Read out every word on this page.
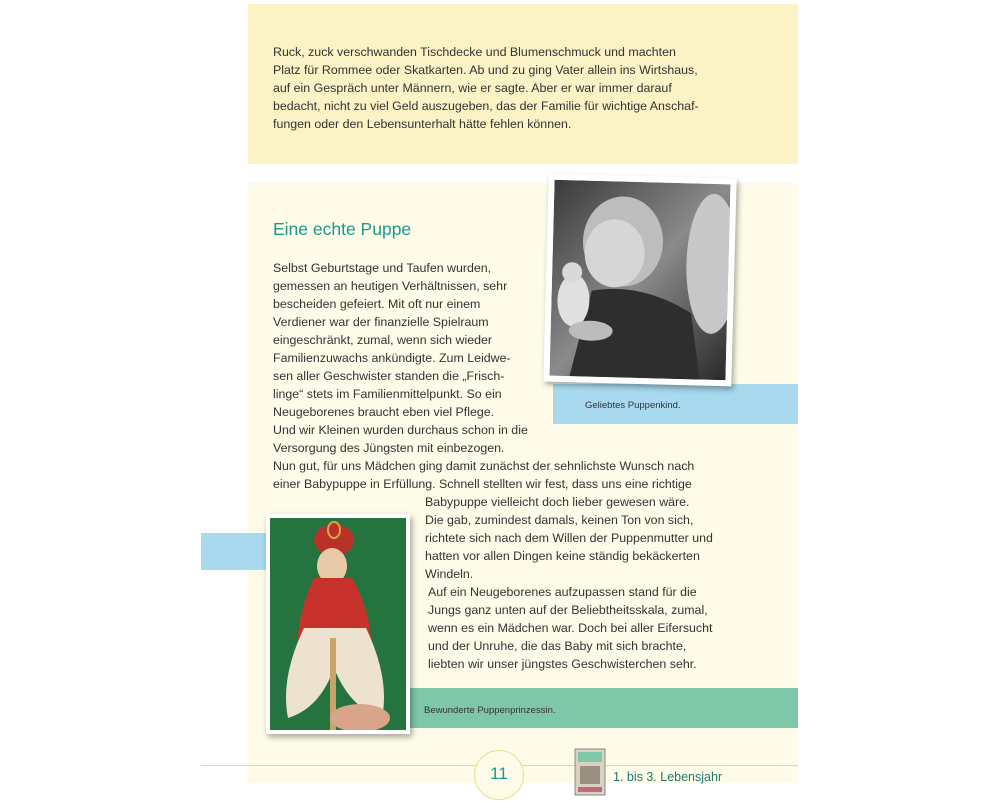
Ruck, zuck verschwanden Tischdecke und Blumenschmuck und machten
Platz für Rommee oder Skatkarten. Ab und zu ging Vater allein ins Wirtshaus,
auf ein Gespräch unter Männern, wie er sagte. Aber er war immer darauf
bedacht, nicht zu viel Geld auszugeben, das der Familie für wichtige Anschaf-
fungen oder den Lebensunterhalt hätte fehlen können.
Geliebtes Puppenkind.
Eine echte Puppe
Selbst Geburtstage und Taufen wurden,
gemessen an heutigen Verhältnissen, sehr
bescheiden gefeiert. Mit oft nur einem
Verdiener war der finanzielle Spielraum
eingeschränkt, zumal, wenn sich wieder
Familienzuwachs ankündigte. Zum Leidwe-
sen aller Geschwister standen die „Frisch-
linge“ stets im Familienmittelpunkt. So ein
Neugeborenes braucht eben viel Pflege.
Und wir Kleinen wurden durchaus schon in die
Versorgung des Jüngsten mit einbezogen.
Nun gut, für uns Mädchen ging damit zunächst der sehnlichste Wunsch nach
einer Babypuppe in Erfüllung. Schnell stellten wir fest, dass uns eine richtige
Babypuppe vielleicht doch lieber gewesen wäre.
Die gab, zumindest damals, keinen Ton von sich,
richtete sich nach dem Willen der Puppenmutter und
hatten vor allen Dingen keine ständig bekäckerten
Windeln.
Auf ein Neugeborenes aufzupassen stand für die
Jungs ganz unten auf der Beliebtheitsskala, zumal,
wenn es ein Mädchen war. Doch bei aller Eifersucht
und der Unruhe, die das Baby mit sich brachte,
liebten wir unser jüngstes Geschwisterchen sehr.
Bewunderte Puppenprinzessin.
11	1. bis 3. Lebensjahr
